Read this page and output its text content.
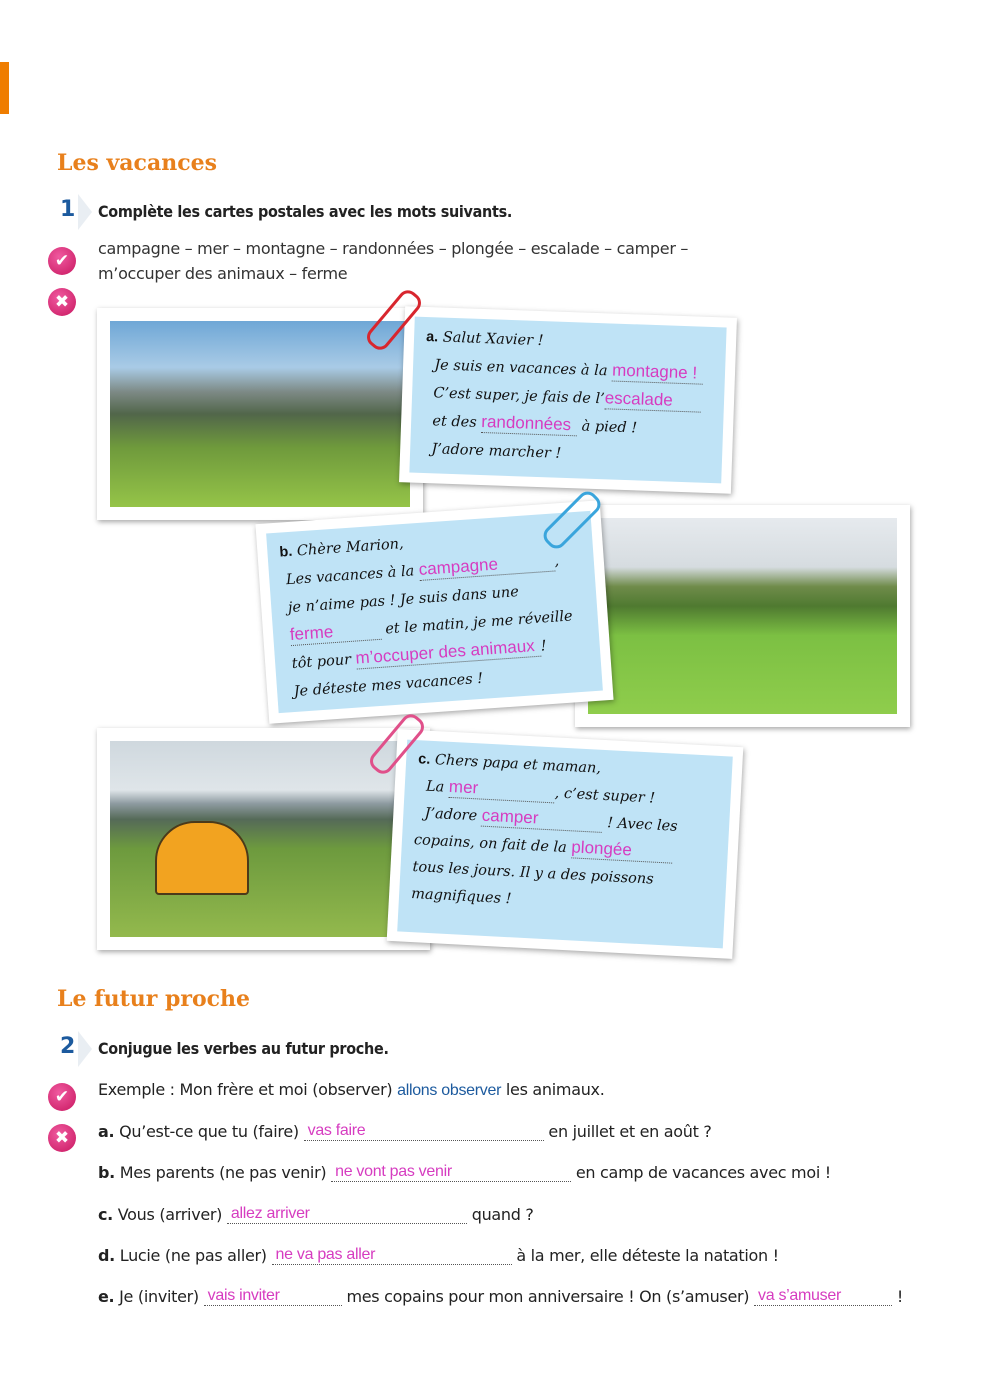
Les vacances
1 Complète les cartes postales avec les mots suivants.
campagne – mer – montagne – randonnées – plongée – escalade – camper – m’occuper des animaux – ferme
✔
✖
a. Salut Xavier !
Je suis en vacances à la montagne !
C’est super, je fais de l’escalade
et des randonnées à pied !
J’adore marcher !
b. Chère Marion,
Les vacances à la campagne	,
je n’aime pas ! Je suis dans une
ferme	et le matin, je me réveille
tôt pour m’occuper des animaux !
Je déteste mes vacances !
c. Chers papa et maman,
La mer	, c’est super !
J’adore camper	! Avec les
copains, on fait de la plongée
tous les jours. Il y a des poissons
magnifiques !
Le futur proche
2 Conjugue les verbes au futur proche.
✔
✖
Exemple : Mon frère et moi (observer) allons observer les animaux.
a. Qu’est-ce que tu (faire) vas faire	en juillet et en août ?
b. Mes parents (ne pas venir) ne vont pas venir	en camp de vacances avec moi !
c. Vous (arriver) allez arriver	quand ?
d. Lucie (ne pas aller) ne va pas aller	à la mer, elle déteste la natation !
e. Je (inviter) vais inviter	mes copains pour mon anniversaire ! On (s’amuser) va s’amuser	!
